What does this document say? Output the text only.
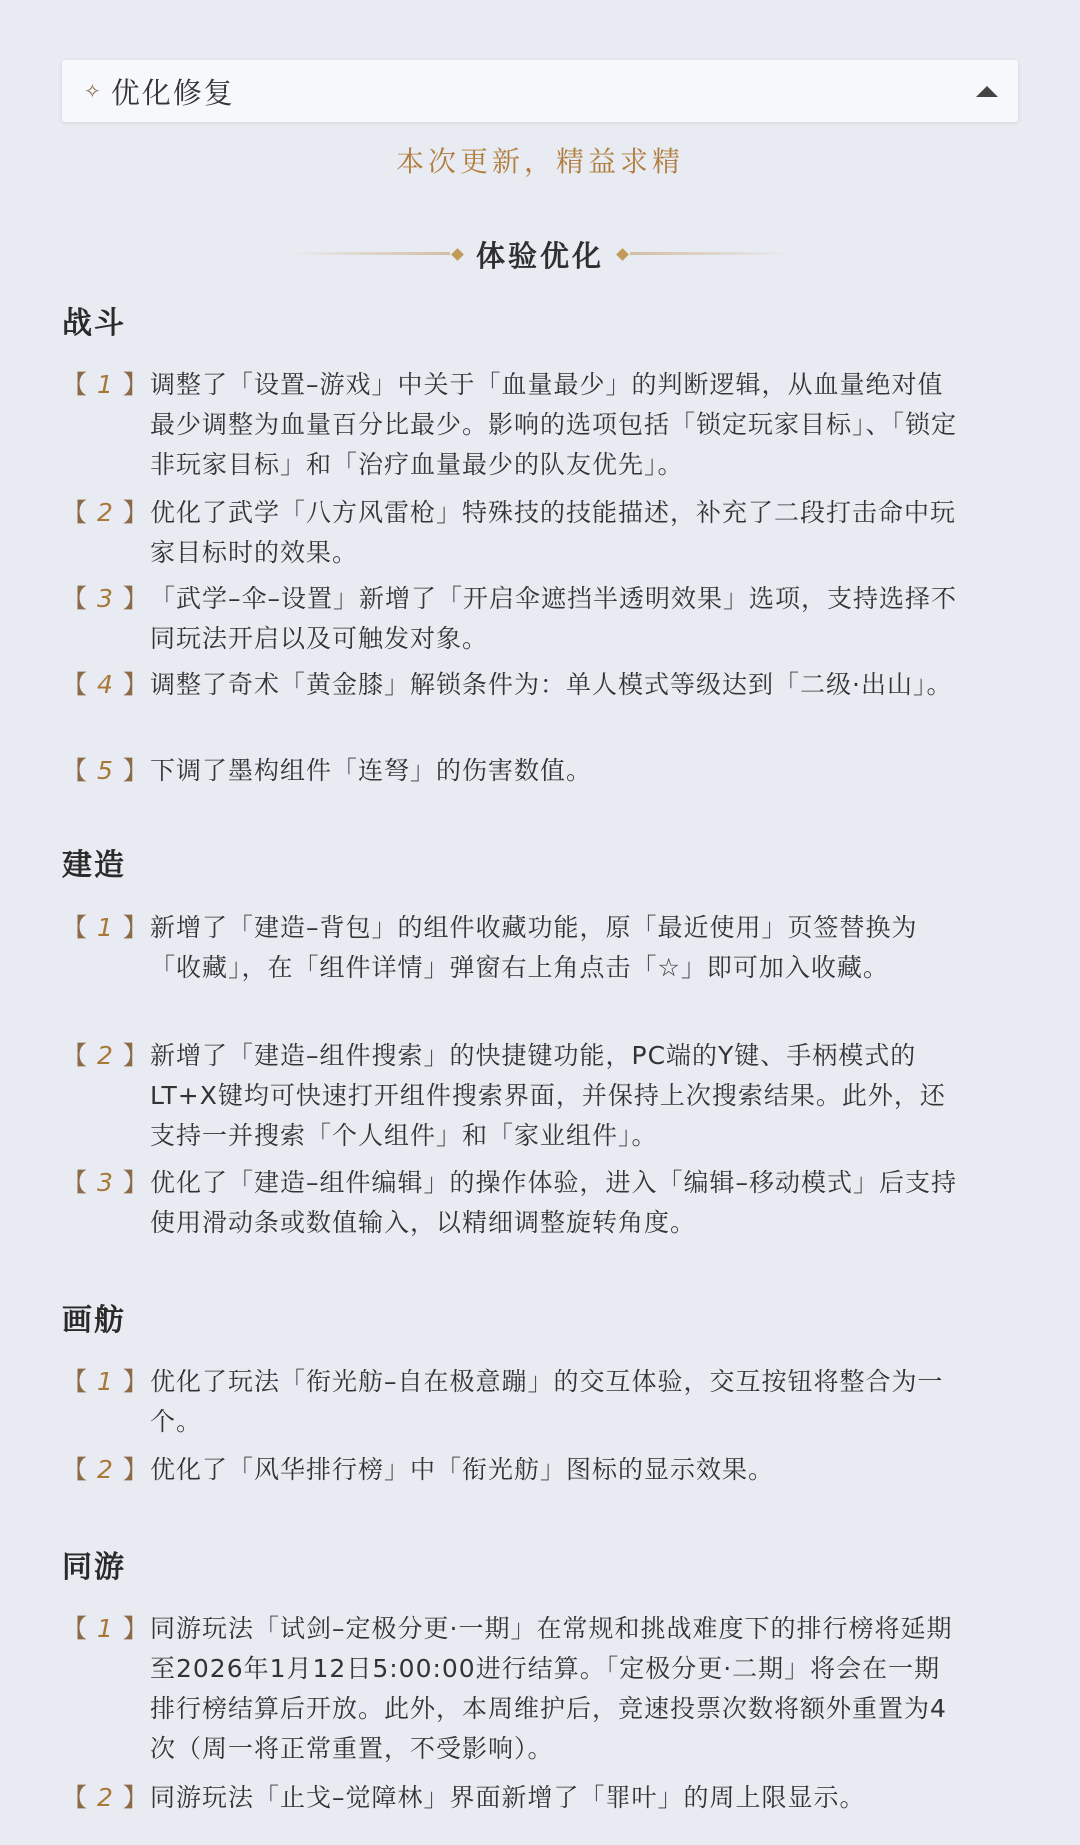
✧ 优化修复
本次更新，精益求精
体验优化
战斗
【 1 】 调整了「设置–游戏」中关于「血量最少」的判断逻辑，从血量绝对值最少调整为血量百分比最少。影响的选项包括「锁定玩家目标」、「锁定非玩家目标」和「治疗血量最少的队友优先」。
【 2 】 优化了武学「八方风雷枪」特殊技的技能描述，补充了二段打击命中玩家目标时的效果。
【 3 】 「武学–伞–设置」新增了「开启伞遮挡半透明效果」选项，支持选择不同玩法开启以及可触发对象。
【 4 】 调整了奇术「黄金膝」解锁条件为：单人模式等级达到「二级·出山」。
【 5 】 下调了墨构组件「连弩」的伤害数值。
建造
【 1 】 新增了「建造–背包」的组件收藏功能，原「最近使用」页签替换为「收藏」，在「组件详情」弹窗右上角点击「☆」即可加入收藏。
【 2 】 新增了「建造–组件搜索」的快捷键功能，PC端的Y键、手柄模式的LT+X键均可快速打开组件搜索界面，并保持上次搜索结果。此外，还支持一并搜索「个人组件」和「家业组件」。
【 3 】 优化了「建造–组件编辑」的操作体验，进入「编辑–移动模式」后支持使用滑动条或数值输入，以精细调整旋转角度。
画舫
【 1 】 优化了玩法「衔光舫–自在极意蹦」的交互体验，交互按钮将整合为一个。
【 2 】 优化了「风华排行榜」中「衔光舫」图标的显示效果。
同游
【 1 】 同游玩法「试剑–定极分更·一期」在常规和挑战难度下的排行榜将延期至2026年1月12日5:00:00进行结算。「定极分更·二期」将会在一期排行榜结算后开放。此外，本周维护后，竞速投票次数将额外重置为4次（周一将正常重置，不受影响）。
【 2 】 同游玩法「止戈–觉障林」界面新增了「罪叶」的周上限显示。
